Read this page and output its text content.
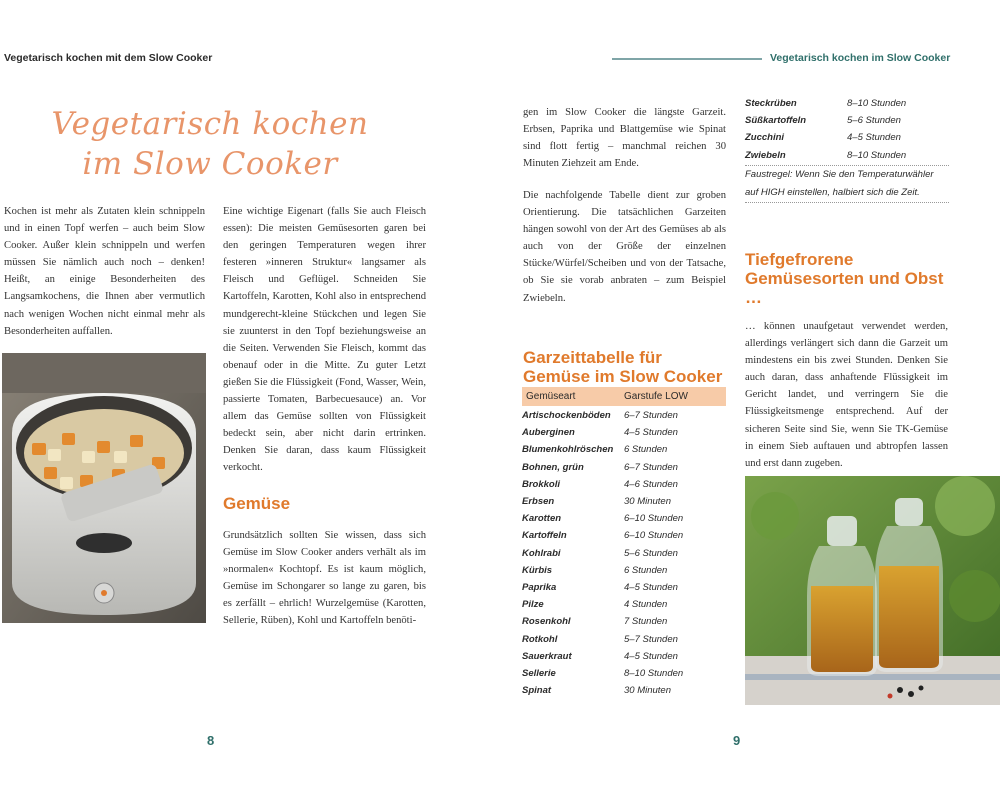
Vegetarisch kochen mit dem Slow Cooker
Vegetarisch kochen
im Slow Cooker

Kochen ist mehr als Zutaten klein schnippeln und in einen Topf werfen – auch beim Slow Cooker. Außer klein schnippeln und werfen müssen Sie nämlich auch noch – denken! Heißt, an einige Besonderheiten des Langsamkochens, die Ihnen aber vermutlich nach wenigen Wochen nicht einmal mehr als Besonderheiten auffallen.

Eine wichtige Eigenart (falls Sie auch Fleisch essen): Die meisten Gemüsesorten garen bei den geringen Temperaturen wegen ihrer festeren »inneren Struktur« langsamer als Fleisch und Geflügel. Schneiden Sie Kartoffeln, Karotten, Kohl also in entsprechend mundgerecht-kleine Stückchen und legen Sie sie zuunterst in den Topf beziehungsweise an die Seiten. Verwenden Sie Fleisch, kommt das obenauf oder in die Mitte. Zu guter Letzt gießen Sie die Flüssigkeit (Fond, Wasser, Wein, passierte Tomaten, Barbecuesauce) an. Vor allem das Gemüse sollten von Flüssigkeit bedeckt sein, aber nicht darin ertrinken. Denken Sie daran, dass kaum Flüssigkeit verkocht.

Gemüse

Grundsätzlich sollten Sie wissen, dass sich Gemüse im Slow Cooker anders verhält als im »normalen« Kochtopf. Es ist kaum möglich, Gemüse im Schongarer so lange zu garen, bis es zerfällt – ehrlich! Wurzelgemüse (Karotten, Sellerie, Rüben), Kohl und Kartoffeln benöti-

8
Vegetarisch kochen im Slow Cooker

gen im Slow Cooker die längste Garzeit. Erbsen, Paprika und Blattgemüse wie Spinat sind flott fertig – manchmal reichen 30 Minuten Ziehzeit am Ende.

Die nachfolgende Tabelle dient zur groben Orientierung. Die tatsächlichen Garzeiten hängen sowohl von der Art des Gemüses ab als auch von der Größe der einzelnen Stücke/Würfel/Scheiben und von der Tatsache, ob Sie sie vorab anbraten – zum Beispiel Zwiebeln.

Garzeittabelle für Gemüse im Slow Cooker
Gemüseart	Garstufe LOW
Artischockenböden	6–7 Stunden
Auberginen	4–5 Stunden
Blumenkohlröschen	6 Stunden
Bohnen, grün	6–7 Stunden
Brokkoli	4–6 Stunden
Erbsen	30 Minuten
Karotten	6–10 Stunden
Kartoffeln	6–10 Stunden
Kohlrabi	5–6 Stunden
Kürbis	6 Stunden
Paprika	4–5 Stunden
Pilze	4 Stunden
Rosenkohl	7 Stunden
Rotkohl	5–7 Stunden
Sauerkraut	4–5 Stunden
Sellerie	8–10 Stunden
Spinat	30 Minuten
Steckrüben	8–10 Stunden
Süßkartoffeln	5–6 Stunden
Zucchini	4–5 Stunden
Zwiebeln	8–10 Stunden
Faustregel: Wenn Sie den Temperaturwähler auf HIGH einstellen, halbiert sich die Zeit.
Tiefgefrorene Gemüsesorten und Obst …

… können unaufgetaut verwendet werden, allerdings verlängert sich dann die Garzeit um mindestens ein bis zwei Stunden. Denken Sie auch daran, dass anhaftende Flüssigkeit im Gericht landet, und verringern Sie die Flüssigkeitsmenge entsprechend. Auf der sicheren Seite sind Sie, wenn Sie TK-Gemüse in einem Sieb auftauen und abtropfen lassen und erst dann zugeben.

9
